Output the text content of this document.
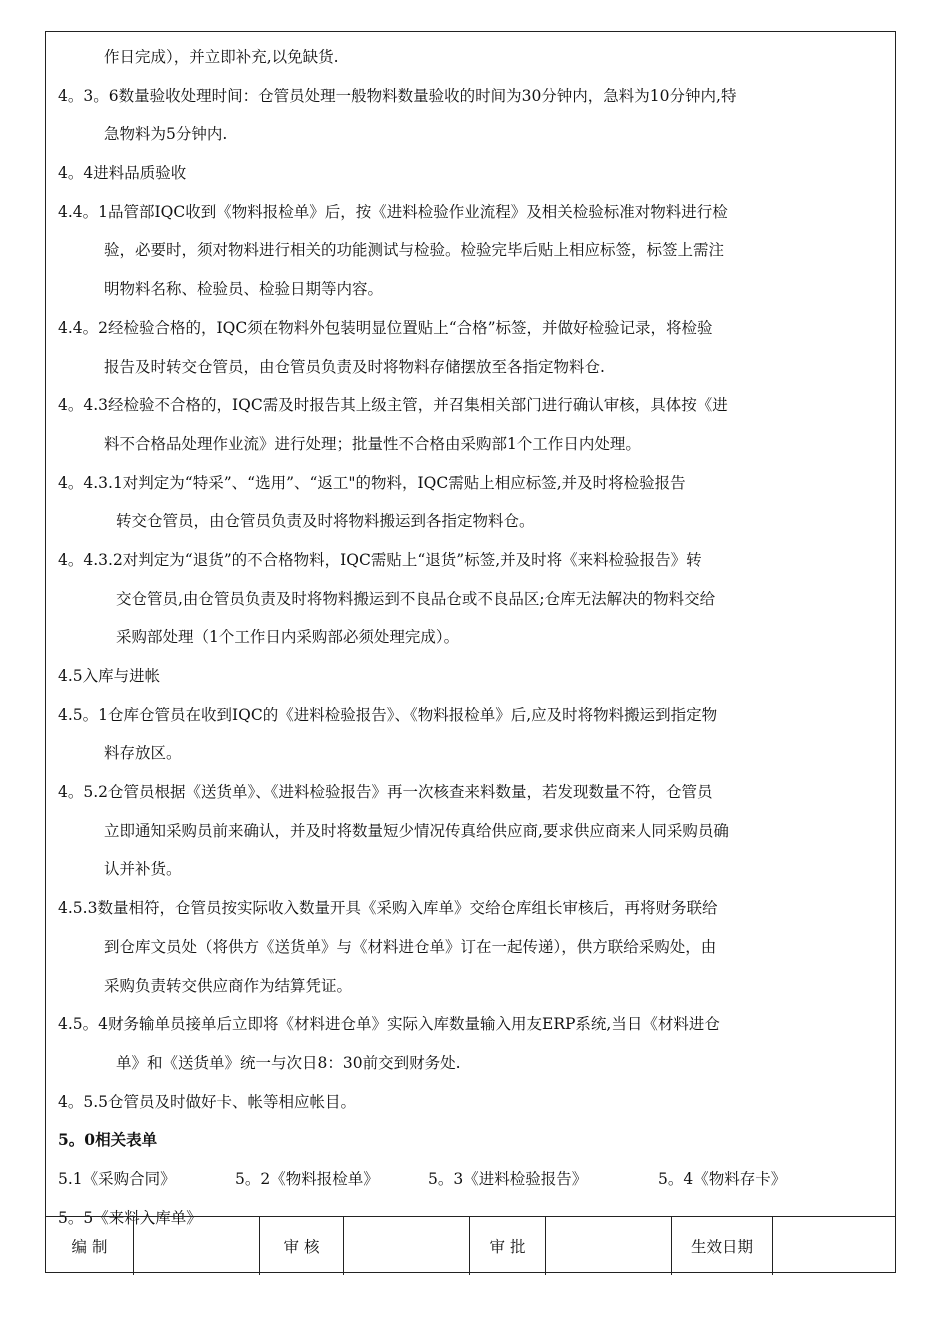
作日完成），并立即补充,以免缺货.
4。3。6数量验收处理时间：仓管员处理一般物料数量验收的时间为30分钟内，急料为10分钟内,特
急物料为5分钟内.
4。4进料品质验收
4.4。1品管部IQC收到《物料报检单》后，按《进料检验作业流程》及相关检验标准对物料进行检
验，必要时，须对物料进行相关的功能测试与检验。检验完毕后贴上相应标签，标签上需注
明物料名称、检验员、检验日期等内容。
4.4。2经检验合格的，IQC须在物料外包装明显位置贴上“合格”标签，并做好检验记录，将检验
报告及时转交仓管员，由仓管员负责及时将物料存储摆放至各指定物料仓.
4。4.3经检验不合格的，IQC需及时报告其上级主管，并召集相关部门进行确认审核，具体按《进
料不合格品处理作业流》进行处理；批量性不合格由采购部1个工作日内处理。
4。4.3.1对判定为“特采”、“选用”、“返工"的物料，IQC需贴上相应标签,并及时将检验报告
转交仓管员，由仓管员负责及时将物料搬运到各指定物料仓。
4。4.3.2对判定为“退货”的不合格物料，IQC需贴上“退货”标签,并及时将《来料检验报告》转
交仓管员,由仓管员负责及时将物料搬运到不良品仓或不良品区;仓库无法解决的物料交给
采购部处理（1个工作日内采购部必须处理完成）。
4.5入库与进帐
4.5。1仓库仓管员在收到IQC的《进料检验报告》、《物料报检单》后,应及时将物料搬运到指定物
料存放区。
4。5.2仓管员根据《送货单》、《进料检验报告》再一次核查来料数量，若发现数量不符，仓管员
立即通知采购员前来确认，并及时将数量短少情况传真给供应商,要求供应商来人同采购员确
认并补货。
4.5.3数量相符，仓管员按实际收入数量开具《采购入库单》交给仓库组长审核后，再将财务联给
到仓库文员处（将供方《送货单》与《材料进仓单》订在一起传递），供方联给采购处，由
采购负责转交供应商作为结算凭证。
4.5。4财务输单员接单后立即将《材料进仓单》实际入库数量输入用友ERP系统,当日《材料进仓
单》和《送货单》统一与次日8：30前交到财务处.
4。5.5仓管员及时做好卡、帐等相应帐目。
5。0相关表单
5.1《采购合同》	5。2《物料报检单》	5。3《进料检验报告》	5。4《物料存卡》
5。5《来料入库单》
编 制	审 核	审 批	生效日期
